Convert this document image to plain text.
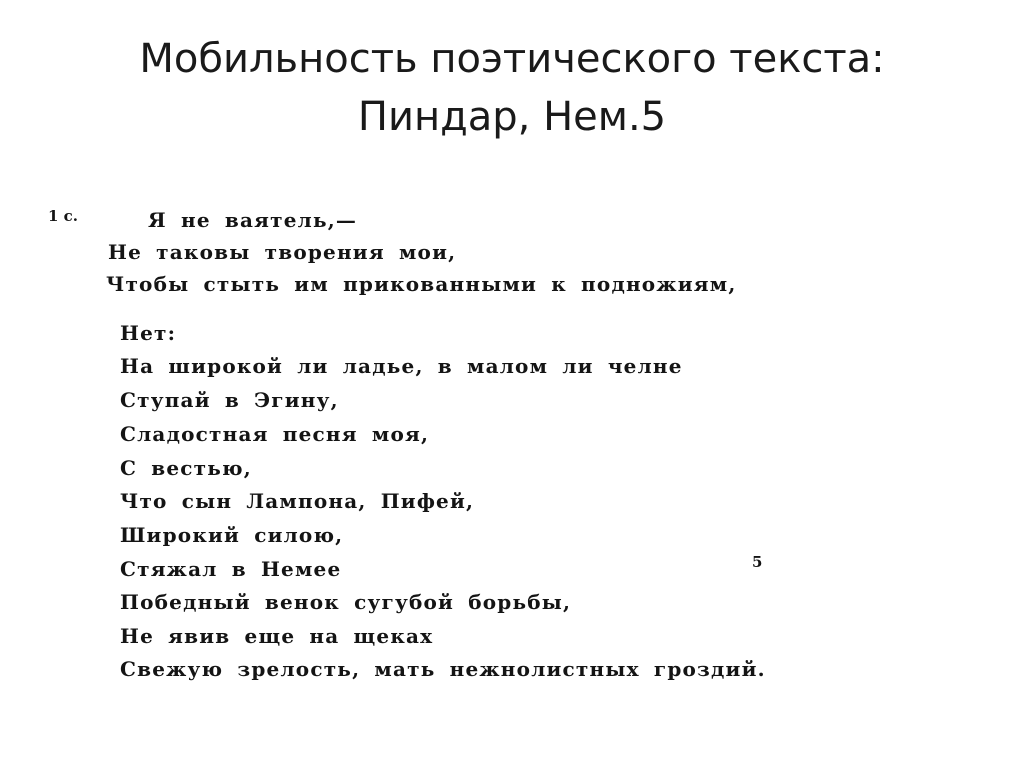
Мобильность поэтического текста:
Пиндар, Нем.5
1 с.
5
Я не ваятель,—
Не таковы творения мои,
Чтобы стыть им прикованными к подножиям,
Нет:
На широкой ли ладье, в малом ли челне
Ступай в Эгину,
Сладостная песня моя,
С вестью,
Что сын Лампона, Пифей,
Широкий силою,
Стяжал в Немее
Победный венок сугубой борьбы,
Не явив еще на щеках
Свежую зрелость, мать нежнолистных гроздий.
